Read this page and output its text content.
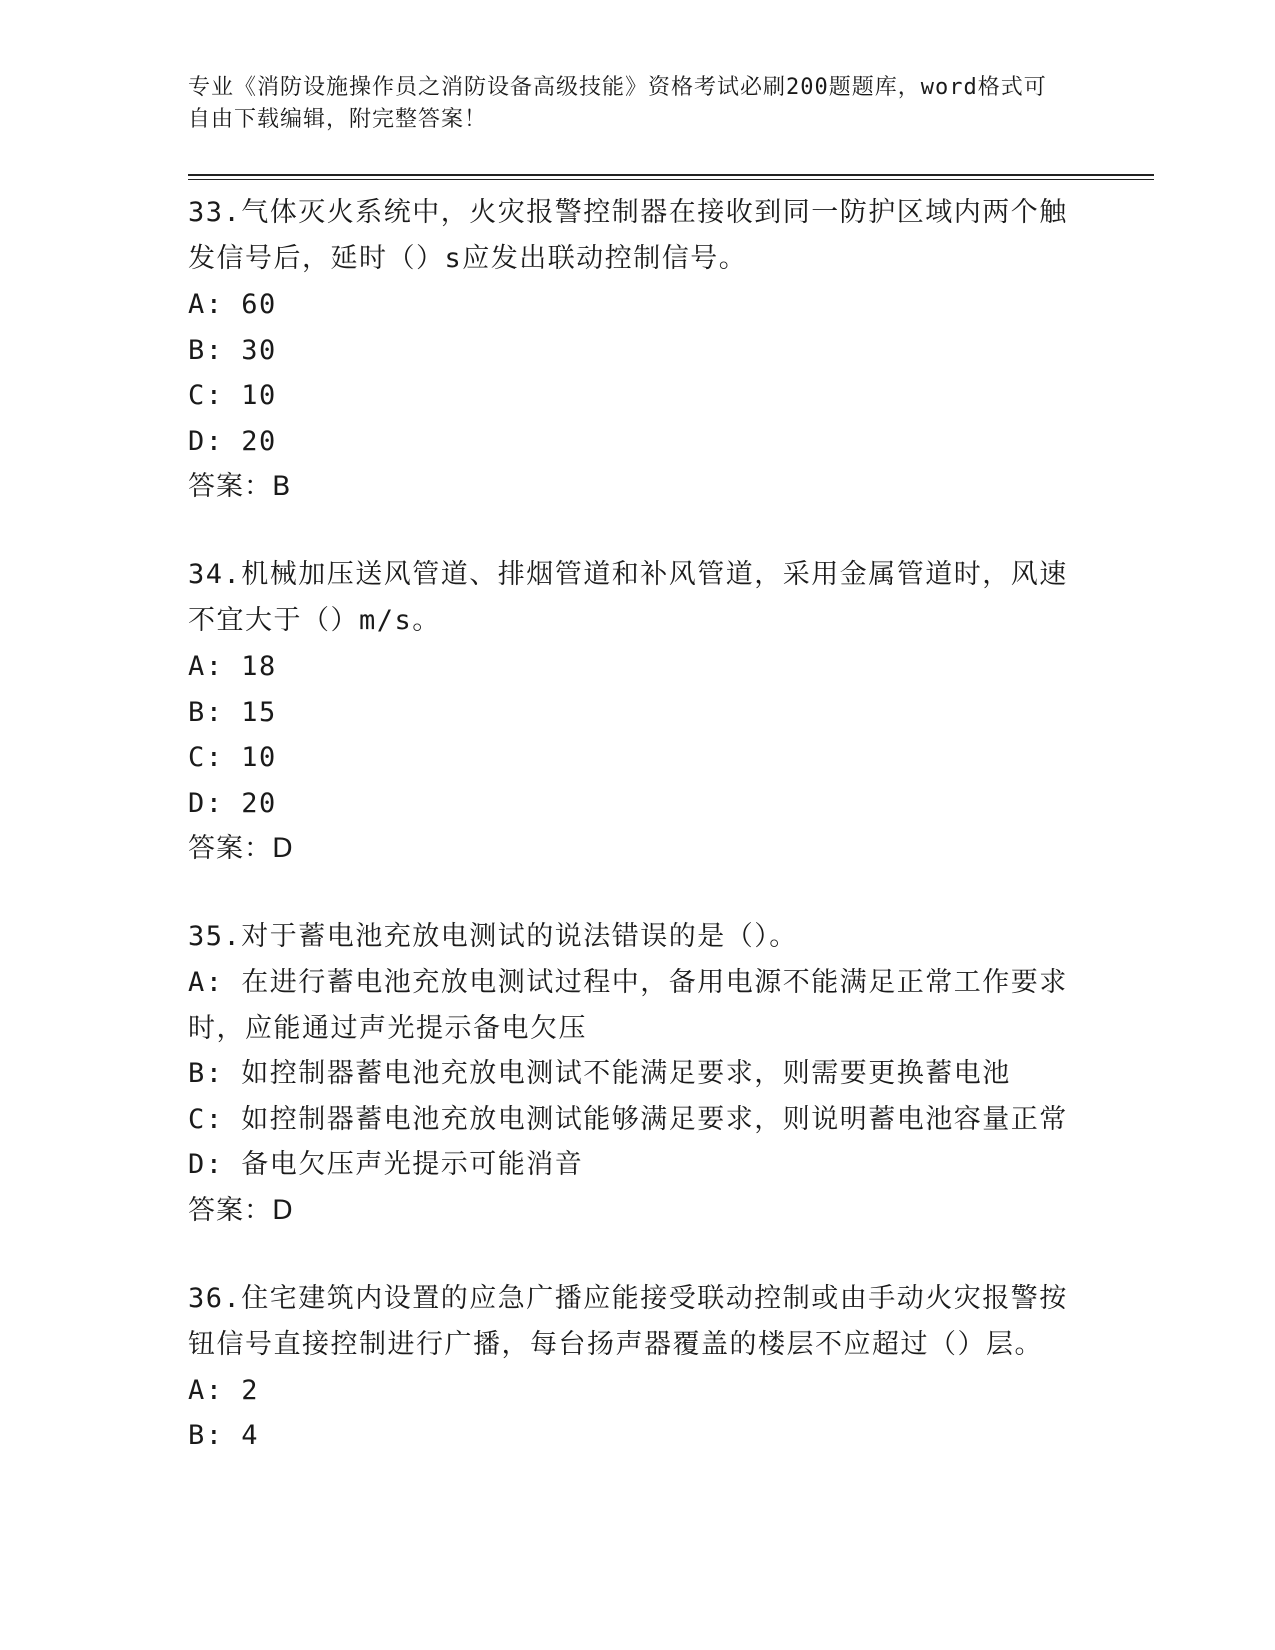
专业《消防设施操作员之消防设备高级技能》资格考试必刷200题题库，word格式可自由下载编辑，附完整答案！

33.气体灭火系统中，火灾报警控制器在接收到同一防护区域内两个触发信号后，延时（）s应发出联动控制信号。

A: 60

B: 30

C: 10

D: 20

答案：B

34.机械加压送风管道、排烟管道和补风管道，采用金属管道时，风速不宜大于（）m/s。

A: 18

B: 15

C: 10

D: 20

答案：D

35.对于蓄电池充放电测试的说法错误的是（）。

A: 在进行蓄电池充放电测试过程中，备用电源不能满足正常工作要求时，应能通过声光提示备电欠压

B: 如控制器蓄电池充放电测试不能满足要求，则需要更换蓄电池

C: 如控制器蓄电池充放电测试能够满足要求，则说明蓄电池容量正常

D: 备电欠压声光提示可能消音

答案：D

36.住宅建筑内设置的应急广播应能接受联动控制或由手动火灾报警按钮信号直接控制进行广播，每台扬声器覆盖的楼层不应超过（）层。

A: 2

B: 4
